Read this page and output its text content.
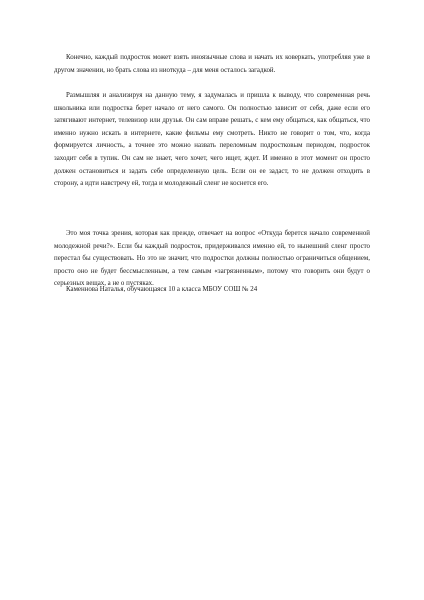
Конечно, каждый подросток может взять иноязычные слова и начать их коверкать, употребляя уже в другом значении, но брать слова из ниоткуда – для меня осталось загадкой.

Размышляя и анализируя на данную тему, я задумалась и пришла к выводу, что современная речь школьника или подростка берет начало от него самого. Он полностью зависит от себя, даже если его затягивают интернет, телевизор или друзья. Он сам вправе решать, с кем ему общаться, как общаться, что именно нужно искать в интернете, какие фильмы ему смотреть. Никто не говорит о том, что, когда формируется личность, а точнее это можно назвать переломным подростковым периодом, подросток заходит себя в тупик. Он сам не знает, чего хочет, чего ищет, ждет. И именно в этот момент он просто должен остановиться и задать себе определенную цель. Если он ее задаст, то не должен отходить в сторону, а идти навстречу ей, тогда и молодежный сленг не коснется его.

Это моя точка зрения, которая как прежде, отвечает на вопрос «Откуда берется начало современной молодежной речи?». Если бы каждый подросток, придерживался именно ей, то нынешний сленг просто перестал бы существовать. Но это не значит, что подростки должны полностью ограничиться общением, просто оно не будет бессмысленным, а тем самым «загрязненным», потому что говорить они будут о серьезных вещах, а не о пустяках.

Каменнова Наталья, обучающаяся 10 а класса МБОУ СОШ № 24
